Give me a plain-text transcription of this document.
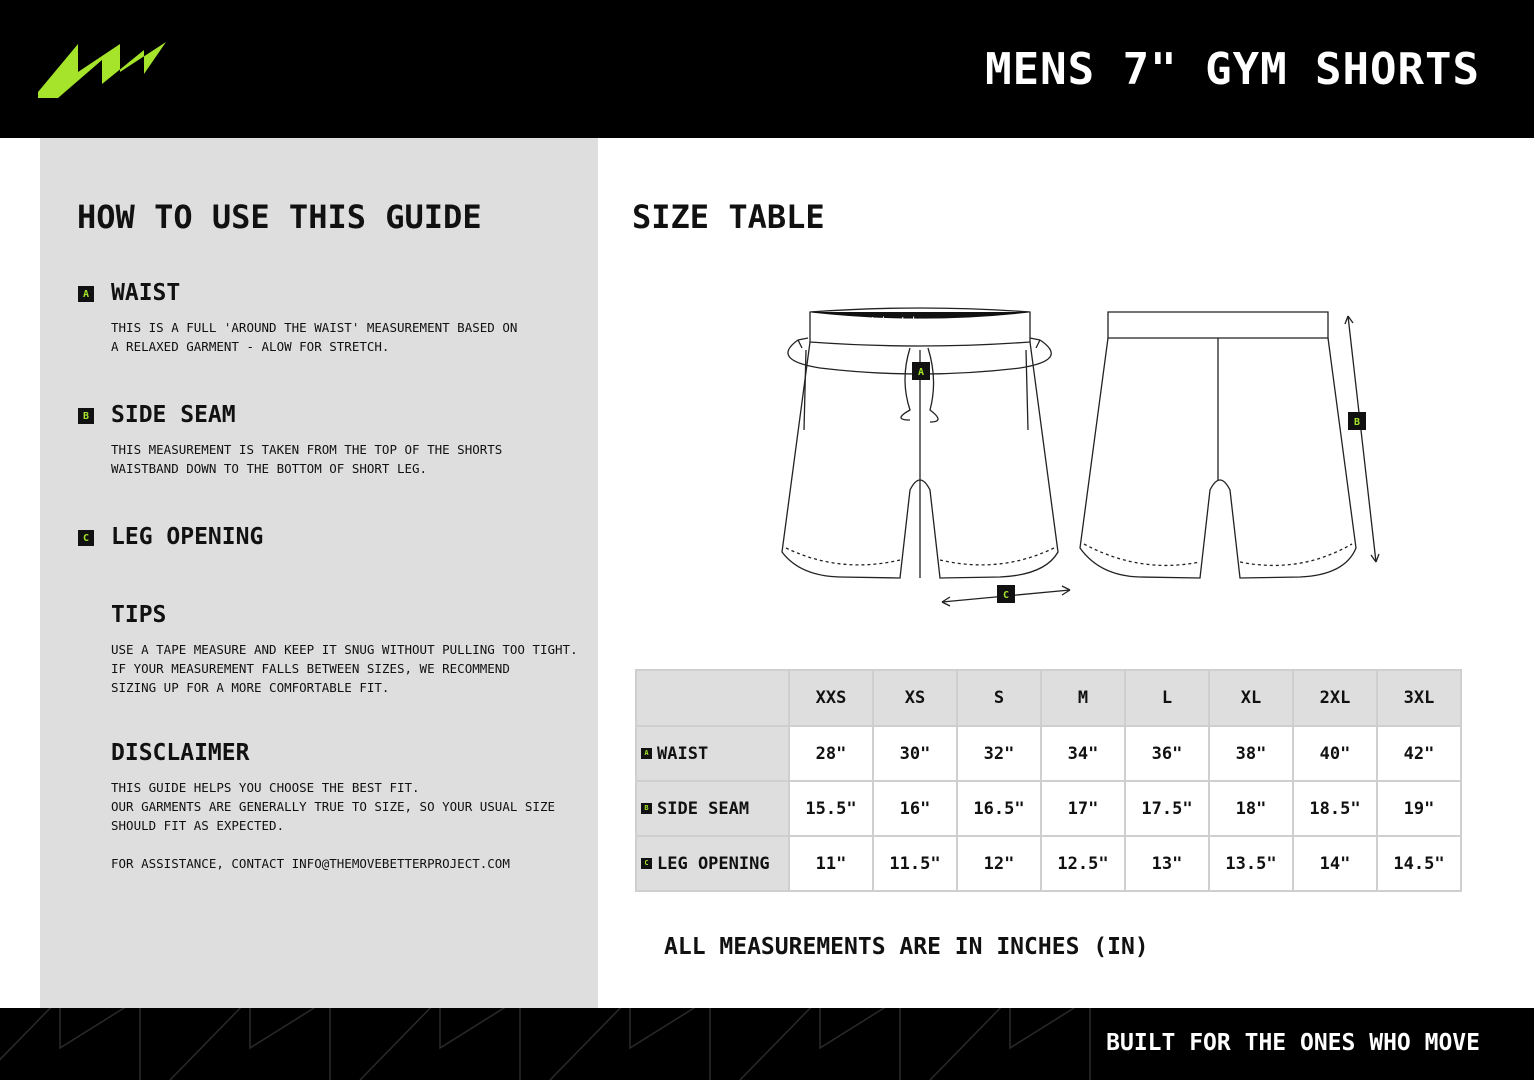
MENS 7" GYM SHORTS
HOW TO USE THIS GUIDE
A WAIST
THIS IS A FULL 'AROUND THE WAIST' MEASUREMENT BASED ON
A RELAXED GARMENT - ALOW FOR STRETCH.
B SIDE SEAM
THIS MEASUREMENT IS TAKEN FROM THE TOP OF THE SHORTS
WAISTBAND DOWN TO THE BOTTOM OF SHORT LEG.
C LEG OPENING
TIPS
USE A TAPE MEASURE AND KEEP IT SNUG WITHOUT PULLING TOO TIGHT.
IF YOUR MEASUREMENT FALLS BETWEEN SIZES, WE RECOMMEND
SIZING UP FOR A MORE COMFORTABLE FIT.
DISCLAIMER
THIS GUIDE HELPS YOU CHOOSE THE BEST FIT.
OUR GARMENTS ARE GENERALLY TRUE TO SIZE, SO YOUR USUAL SIZE
SHOULD FIT AS EXPECTED.
FOR ASSISTANCE, CONTACT INFO@THEMOVEBETTERPROJECT.COM
SIZE TABLE
tmbp tmbp tmbp
A
B
C
	XXS	XS	S	M	L	XL	2XL	3XL
A WAIST	28"	30"	32"	34"	36"	38"	40"	42"
B SIDE SEAM	15.5"	16"	16.5"	17"	17.5"	18"	18.5"	19"
C LEG OPENING	11"	11.5"	12"	12.5"	13"	13.5"	14"	14.5"
ALL MEASUREMENTS ARE IN INCHES (IN)
BUILT FOR THE ONES WHO MOVE
